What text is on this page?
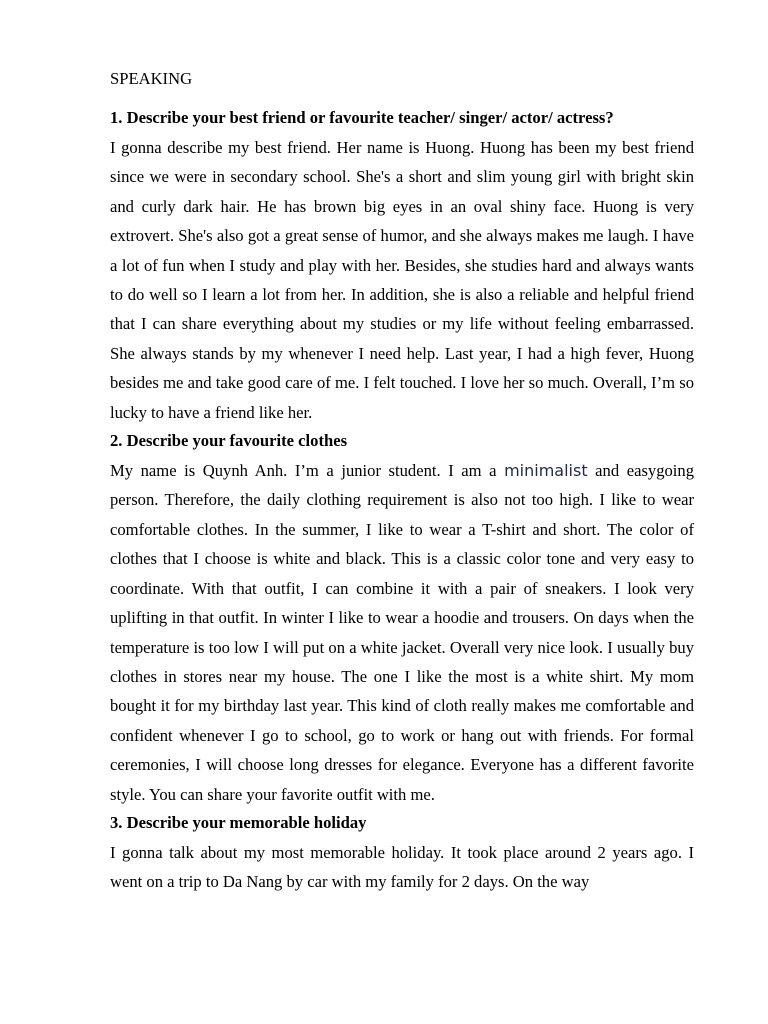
SPEAKING
1. Describe your best friend or favourite teacher/ singer/ actor/ actress?

I gonna describe my best friend. Her name is Huong. Huong has been my best friend since we were in secondary school. She's a short and slim young girl with bright skin and curly dark hair. He has brown big eyes in an oval shiny face. Huong is very extrovert. She's also got a great sense of humor, and she always makes me laugh. I have a lot of fun when I study and play with her. Besides, she studies hard and always wants to do well so I learn a lot from her. In addition, she is also a reliable and helpful friend that I can share everything about my studies or my life without feeling embarrassed. She always stands by my whenever I need help. Last year, I had a high fever, Huong besides me and take good care of me. I felt touched. I love her so much. Overall, I’m so lucky to have a friend like her.

2. Describe your favourite clothes

My name is Quynh Anh. I’m a junior student. I am a minimalist and easygoing person. Therefore, the daily clothing requirement is also not too high. I like to wear comfortable clothes. In the summer, I like to wear a T-shirt and short. The color of clothes that I choose is white and black. This is a classic color tone and very easy to coordinate. With that outfit, I can combine it with a pair of sneakers. I look very uplifting in that outfit. In winter I like to wear a hoodie and trousers. On days when the temperature is too low I will put on a white jacket. Overall very nice look. I usually buy clothes in stores near my house. The one I like the most is a white shirt. My mom bought it for my birthday last year. This kind of cloth really makes me comfortable and confident whenever I go to school, go to work or hang out with friends. For formal ceremonies, I will choose long dresses for elegance. Everyone has a different favorite style. You can share your favorite outfit with me.

3. Describe your memorable holiday

I gonna talk about my most memorable holiday. It took place around 2 years ago. I went on a trip to Da Nang by car with my family for 2 days. On the way
